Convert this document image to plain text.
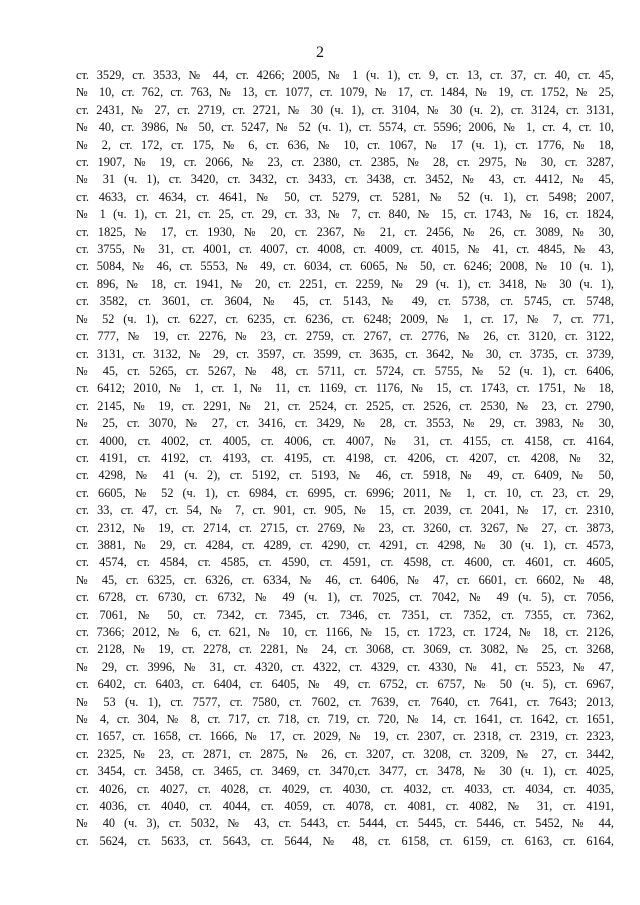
2
ст. 3529, ст. 3533, № 44, ст. 4266; 2005, № 1 (ч. 1), ст. 9, ст. 13, ст. 37, ст. 40, ст. 45,
№ 10, ст. 762, ст. 763, № 13, ст. 1077, ст. 1079, № 17, ст. 1484, № 19, ст. 1752, № 25,
ст. 2431, № 27, ст. 2719, ст. 2721, № 30 (ч. 1), ст. 3104, № 30 (ч. 2), ст. 3124, ст. 3131,
№ 40, ст. 3986, № 50, ст. 5247, № 52 (ч. 1), ст. 5574, ст. 5596; 2006, № 1, ст. 4, ст. 10,
№ 2, ст. 172, ст. 175, № 6, ст. 636, № 10, ст. 1067, № 17 (ч. 1), ст. 1776, № 18,
ст. 1907, № 19, ст. 2066, № 23, ст. 2380, ст. 2385, № 28, ст. 2975, № 30, ст. 3287,
№ 31 (ч. 1), ст. 3420, ст. 3432, ст. 3433, ст. 3438, ст. 3452, № 43, ст. 4412, № 45,
ст. 4633, ст. 4634, ст. 4641, № 50, ст. 5279, ст. 5281, № 52 (ч. 1), ст. 5498; 2007,
№ 1 (ч. 1), ст. 21, ст. 25, ст. 29, ст. 33, № 7, ст. 840, № 15, ст. 1743, № 16, ст. 1824,
ст. 1825, № 17, ст. 1930, № 20, ст. 2367, № 21, ст. 2456, № 26, ст. 3089, № 30,
ст. 3755, № 31, ст. 4001, ст. 4007, ст. 4008, ст. 4009, ст. 4015, № 41, ст. 4845, № 43,
ст. 5084, № 46, ст. 5553, № 49, ст. 6034, ст. 6065, № 50, ст. 6246; 2008, № 10 (ч. 1),
ст. 896, № 18, ст. 1941, № 20, ст. 2251, ст. 2259, № 29 (ч. 1), ст. 3418, № 30 (ч. 1),
ст. 3582, ст. 3601, ст. 3604, № 45, ст. 5143, № 49, ст. 5738, ст. 5745, ст. 5748,
№ 52 (ч. 1), ст. 6227, ст. 6235, ст. 6236, ст. 6248; 2009, № 1, ст. 17, № 7, ст. 771,
ст. 777, № 19, ст. 2276, № 23, ст. 2759, ст. 2767, ст. 2776, № 26, ст. 3120, ст. 3122,
ст. 3131, ст. 3132, № 29, ст. 3597, ст. 3599, ст. 3635, ст. 3642, № 30, ст. 3735, ст. 3739,
№ 45, ст. 5265, ст. 5267, № 48, ст. 5711, ст. 5724, ст. 5755, № 52 (ч. 1), ст. 6406,
ст. 6412; 2010, № 1, ст. 1, № 11, ст. 1169, ст. 1176, № 15, ст. 1743, ст. 1751, № 18,
ст. 2145, № 19, ст. 2291, № 21, ст. 2524, ст. 2525, ст. 2526, ст. 2530, № 23, ст. 2790,
№ 25, ст. 3070, № 27, ст. 3416, ст. 3429, № 28, ст. 3553, № 29, ст. 3983, № 30,
ст. 4000, ст. 4002, ст. 4005, ст. 4006, ст. 4007, № 31, ст. 4155, ст. 4158, ст. 4164,
ст. 4191, ст. 4192, ст. 4193, ст. 4195, ст. 4198, ст. 4206, ст. 4207, ст. 4208, № 32,
ст. 4298, № 41 (ч. 2), ст. 5192, ст. 5193, № 46, ст. 5918, № 49, ст. 6409, № 50,
ст. 6605, № 52 (ч. 1), ст. 6984, ст. 6995, ст. 6996; 2011, № 1, ст. 10, ст. 23, ст. 29,
ст. 33, ст. 47, ст. 54, № 7, ст. 901, ст. 905, № 15, ст. 2039, ст. 2041, № 17, ст. 2310,
ст. 2312, № 19, ст. 2714, ст. 2715, ст. 2769, № 23, ст. 3260, ст. 3267, № 27, ст. 3873,
ст. 3881, № 29, ст. 4284, ст. 4289, ст. 4290, ст. 4291, ст. 4298, № 30 (ч. 1), ст. 4573,
ст. 4574, ст. 4584, ст. 4585, ст. 4590, ст. 4591, ст. 4598, ст. 4600, ст. 4601, ст. 4605,
№ 45, ст. 6325, ст. 6326, ст. 6334, № 46, ст. 6406, № 47, ст. 6601, ст. 6602, № 48,
ст. 6728, ст. 6730, ст. 6732, № 49 (ч. 1), ст. 7025, ст. 7042, № 49 (ч. 5), ст. 7056,
ст. 7061, № 50, ст. 7342, ст. 7345, ст. 7346, ст. 7351, ст. 7352, ст. 7355, ст. 7362,
ст. 7366; 2012, № 6, ст. 621, № 10, ст. 1166, № 15, ст. 1723, ст. 1724, № 18, ст. 2126,
ст. 2128, № 19, ст. 2278, ст. 2281, № 24, ст. 3068, ст. 3069, ст. 3082, № 25, ст. 3268,
№ 29, ст. 3996, № 31, ст. 4320, ст. 4322, ст. 4329, ст. 4330, № 41, ст. 5523, № 47,
ст. 6402, ст. 6403, ст. 6404, ст. 6405, № 49, ст. 6752, ст. 6757, № 50 (ч. 5), ст. 6967,
№ 53 (ч. 1), ст. 7577, ст. 7580, ст. 7602, ст. 7639, ст. 7640, ст. 7641, ст. 7643; 2013,
№ 4, ст. 304, № 8, ст. 717, ст. 718, ст. 719, ст. 720, № 14, ст. 1641, ст. 1642, ст. 1651,
ст. 1657, ст. 1658, ст. 1666, № 17, ст. 2029, № 19, ст. 2307, ст. 2318, ст. 2319, ст. 2323,
ст. 2325, № 23, ст. 2871, ст. 2875, № 26, ст. 3207, ст. 3208, ст. 3209, № 27, ст. 3442,
ст. 3454, ст. 3458, ст. 3465, ст. 3469, ст. 3470,ст. 3477, ст. 3478, № 30 (ч. 1), ст. 4025,
ст. 4026, ст. 4027, ст. 4028, ст. 4029, ст. 4030, ст. 4032, ст. 4033, ст. 4034, ст. 4035,
ст. 4036, ст. 4040, ст. 4044, ст. 4059, ст. 4078, ст. 4081, ст. 4082, № 31, ст. 4191,
№ 40 (ч. 3), ст. 5032, № 43, ст. 5443, ст. 5444, ст. 5445, ст. 5446, ст. 5452, № 44,
ст. 5624, ст. 5633, ст. 5643, ст. 5644, № 48, ст. 6158, ст. 6159, ст. 6163, ст. 6164,
